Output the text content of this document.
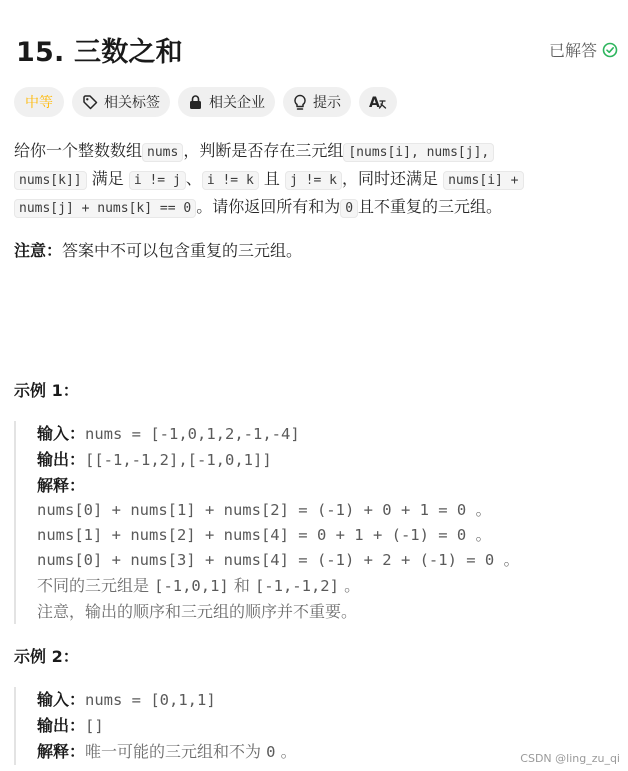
15. 三数之和	已解答
中等	相关标签	相关企业	提示 A
给你一个整数数组 nums ，判断是否存在三元组 [nums[i], nums[j],
nums[k]] 满足 i != j 、 i != k 且 j != k ，同时还满足 nums[i] +
nums[j] + nums[k] == 0 。请你返回所有和为 0 且不重复的三元组。
注意：答案中不可以包含重复的三元组。
示例 1：
输入：nums = [-1,0,1,2,-1,-4]
输出：[[-1,-1,2],[-1,0,1]]
解释：
nums[0] + nums[1] + nums[2] = (-1) + 0 + 1 = 0 。
nums[1] + nums[2] + nums[4] = 0 + 1 + (-1) = 0 。
nums[0] + nums[3] + nums[4] = (-1) + 2 + (-1) = 0 。
不同的三元组是 [-1,0,1] 和 [-1,-1,2] 。
注意，输出的顺序和三元组的顺序并不重要。
示例 2：
输入：nums = [0,1,1]
输出：[]
解释：唯一可能的三元组和不为 0 。	CSDN @ling_zu_qi
